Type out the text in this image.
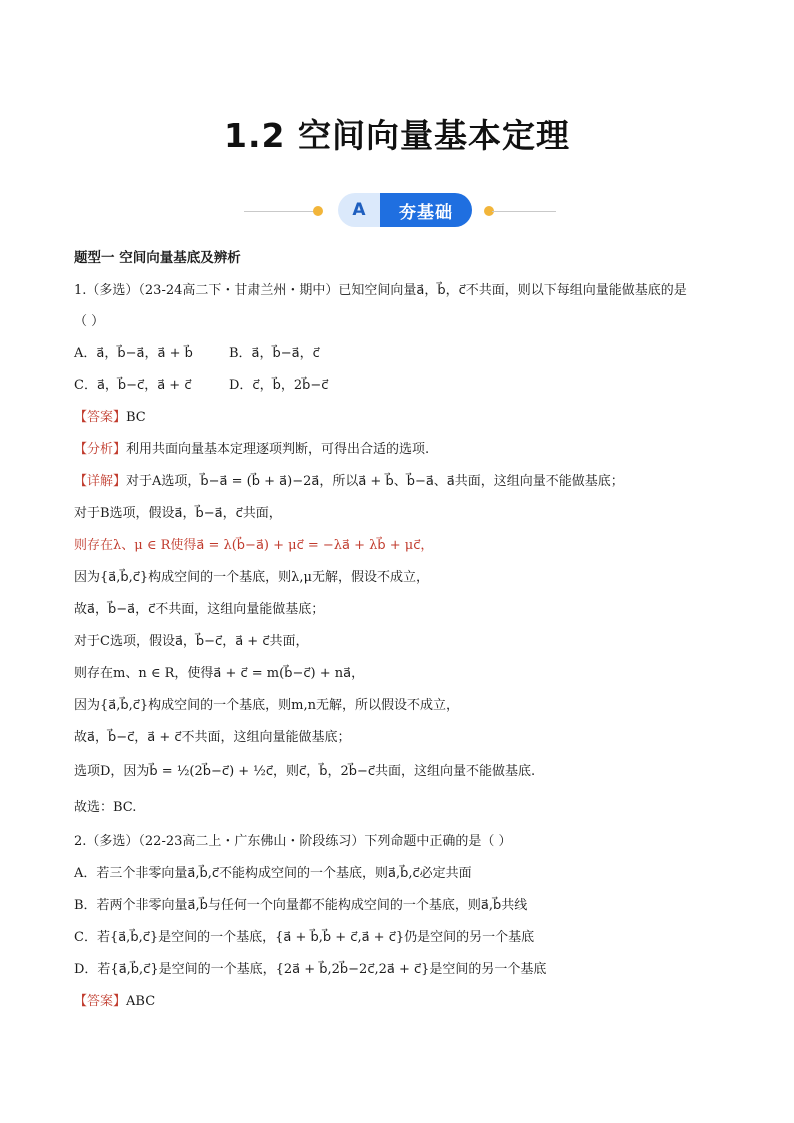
1.2 空间向量基本定理
A	夯基础
题型一 空间向量基底及辨析
1.（多选）（23-24高二下・甘肃兰州・期中）已知空间向量a⃗，b⃗，c⃗不共面，则以下每组向量能做基底的是
（ ）
A．a⃗，b⃗−a⃗，a⃗ + b⃗	B．a⃗，b⃗−a⃗，c⃗
C．a⃗，b⃗−c⃗，a⃗ + c⃗	D．c⃗，b⃗，2b⃗−c⃗
【答案】BC
【分析】利用共面向量基本定理逐项判断，可得出合适的选项.
【详解】对于A选项，b⃗−a⃗ = (b⃗ + a⃗)−2a⃗，所以a⃗ + b⃗、b⃗−a⃗、a⃗共面，这组向量不能做基底；
对于B选项，假设a⃗，b⃗−a⃗，c⃗共面，
则存在λ、μ ∈ R使得a⃗ = λ(b⃗−a⃗) + μc⃗ = −λa⃗ + λb⃗ + μc⃗，
因为{a⃗,b⃗,c⃗}构成空间的一个基底，则λ,μ无解，假设不成立，
故a⃗，b⃗−a⃗，c⃗不共面，这组向量能做基底；
对于C选项，假设a⃗，b⃗−c⃗，a⃗ + c⃗共面，
则存在m、n ∈ R，使得a⃗ + c⃗ = m(b⃗−c⃗) + na⃗，
因为{a⃗,b⃗,c⃗}构成空间的一个基底，则m,n无解，所以假设不成立，
故a⃗，b⃗−c⃗，a⃗ + c⃗不共面，这组向量能做基底；
选项D，因为b⃗ = ½(2b⃗−c⃗) + ½c⃗，则c⃗，b⃗，2b⃗−c⃗共面，这组向量不能做基底.
故选：BC.
2.（多选）（22-23高二上・广东佛山・阶段练习）下列命题中正确的是（ ）
A．若三个非零向量a⃗,b⃗,c⃗不能构成空间的一个基底，则a⃗,b⃗,c⃗必定共面
B．若两个非零向量a⃗,b⃗与任何一个向量都不能构成空间的一个基底，则a⃗,b⃗共线
C．若{a⃗,b⃗,c⃗}是空间的一个基底，{a⃗ + b⃗,b⃗ + c⃗,a⃗ + c⃗}仍是空间的另一个基底
D．若{a⃗,b⃗,c⃗}是空间的一个基底，{2a⃗ + b⃗,2b⃗−2c⃗,2a⃗ + c⃗}是空间的另一个基底
【答案】ABC
